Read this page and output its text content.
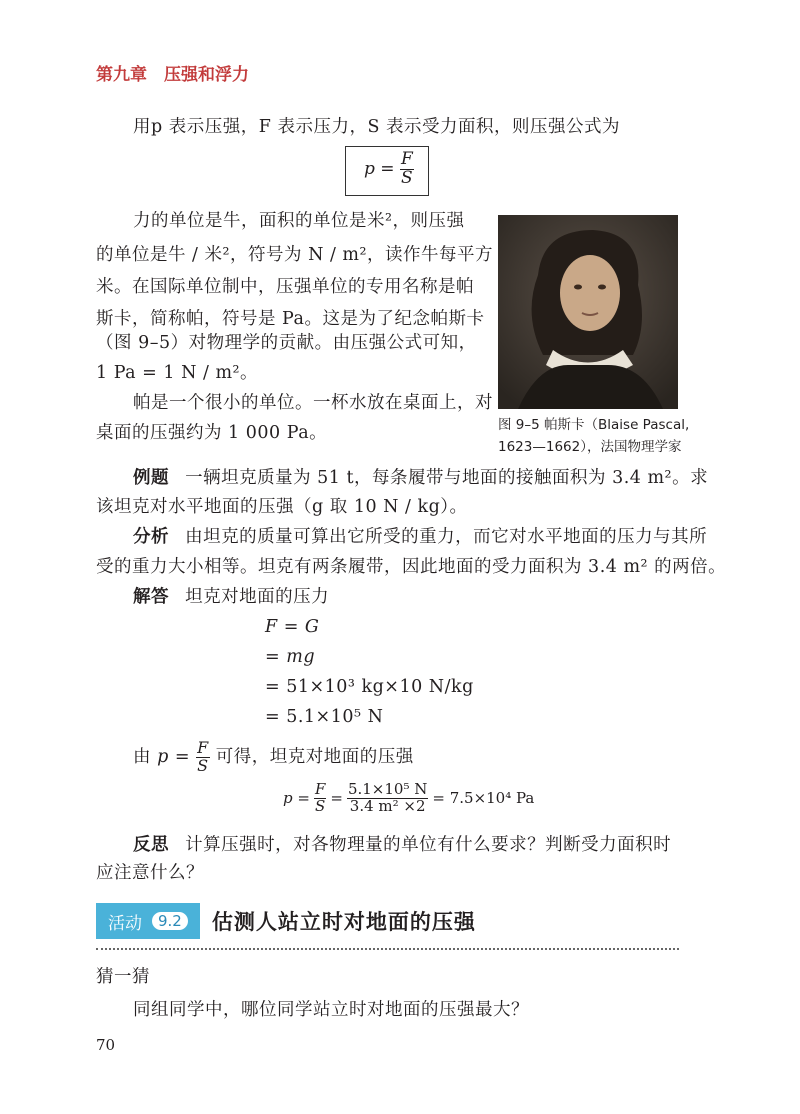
第九章　压强和浮力
用p 表示压强，F 表示压力，S 表示受力面积，则压强公式为
$p = \frac{F}{S}$
力的单位是牛，面积的单位是米²，则压强
的单位是牛 / 米²，符号为 N / m²，读作牛每平方
米。在国际单位制中，压强单位的专用名称是帕
斯卡，简称帕，符号是 Pa。这是为了纪念帕斯卡
（图 9–5）对物理学的贡献。由压强公式可知，
1 Pa = 1 N / m²。
帕是一个很小的单位。一杯水放在桌面上，对
桌面的压强约为 1 000 Pa。	图 9–5 帕斯卡（Blaise Pascal,
1623—1662），法国物理学家
例题 一辆坦克质量为 51 t，每条履带与地面的接触面积为 3.4 m²。求
该坦克对水平地面的压强（g 取 10 N / kg）。
分析 由坦克的质量可算出它所受的重力，而它对水平地面的压力与其所
受的重力大小相等。坦克有两条履带，因此地面的受力面积为 3.4 m² 的两倍。
解答 坦克对地面的压力
F = G
= mg
= 51×10³ kg×10 N/kg
= 5.1×10⁵ N
由 $p = \frac{F}{S}$ 可得，坦克对地面的压强
$p = \frac{F}{S} = \frac{\text{5.1×10⁵ N}}{\text{3.4 m² ×2}} = 7.5\times 10^4$ Pa
反思 计算压强时，对各物理量的单位有什么要求？判断受力面积时
应注意什么？
活动	9.2	估测人站立时对地面的压强
猜一猜
同组同学中，哪位同学站立时对地面的压强最大？
70
